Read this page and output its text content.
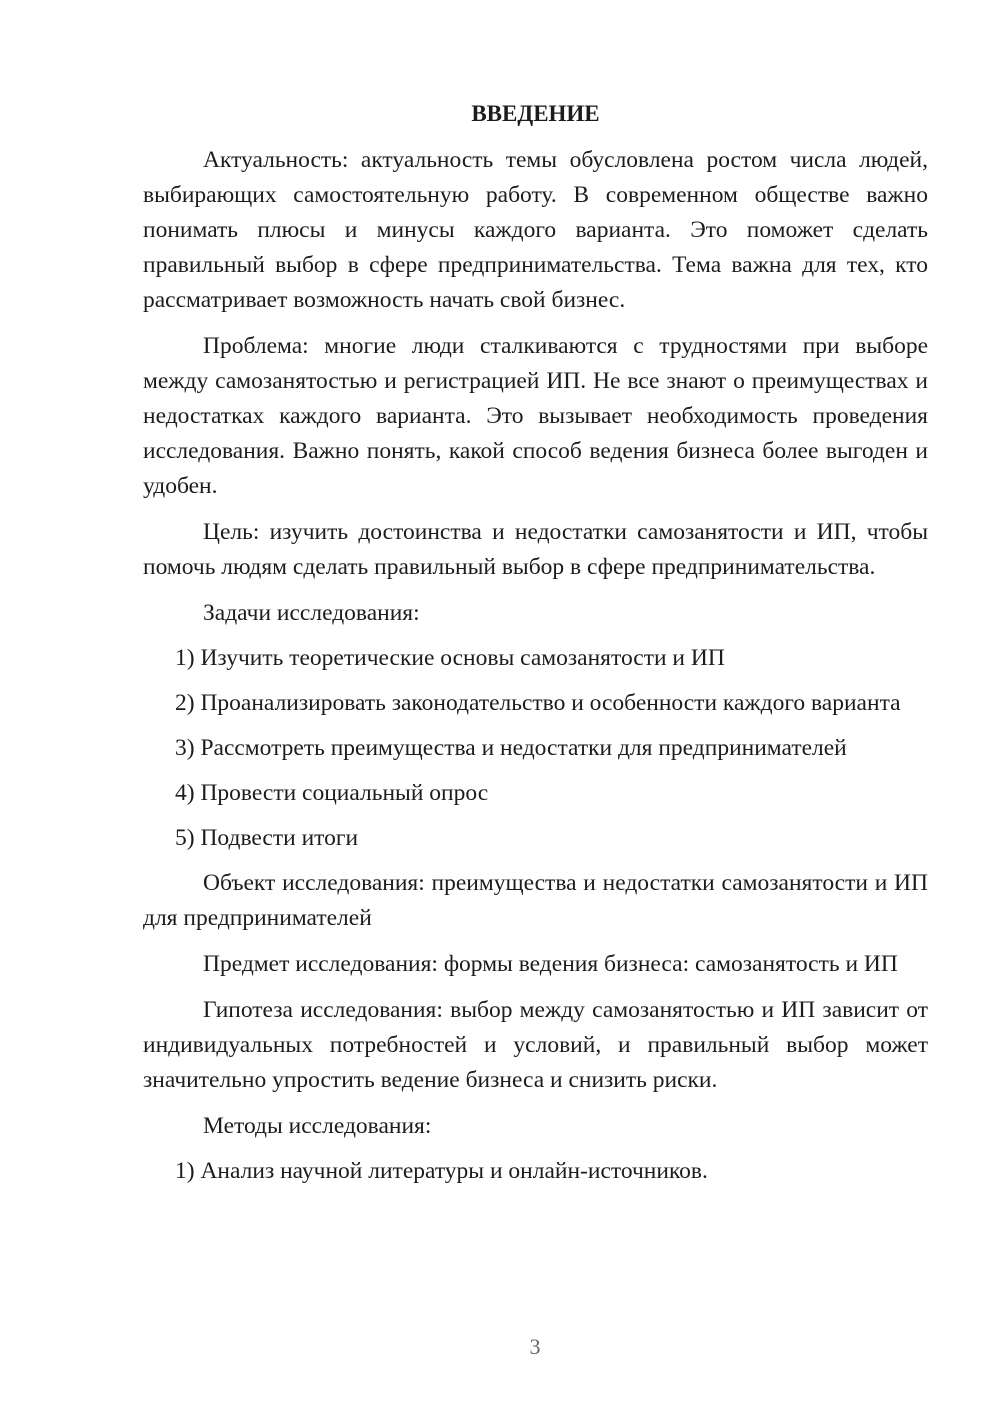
ВВЕДЕНИЕ

Актуальность: актуальность темы обусловлена ростом числа людей, выбирающих самостоятельную работу. В современном обществе важно понимать плюсы и минусы каждого варианта. Это поможет сделать правильный выбор в сфере предпринимательства. Тема важна для тех, кто рассматривает возможность начать свой бизнес.

Проблема: многие люди сталкиваются с трудностями при выборе между самозанятостью и регистрацией ИП. Не все знают о преимуществах и недостатках каждого варианта. Это вызывает необходимость проведения исследования. Важно понять, какой способ ведения бизнеса более выгоден и удобен.

Цель: изучить достоинства и недостатки самозанятости и ИП, чтобы помочь людям сделать правильный выбор в сфере предпринимательства.

Задачи исследования:

1) Изучить теоретические основы самозанятости и ИП

2) Проанализировать законодательство и особенности каждого варианта

3) Рассмотреть преимущества и недостатки для предпринимателей

4) Провести социальный опрос

5) Подвести итоги

Объект исследования: преимущества и недостатки самозанятости и ИП для предпринимателей

Предмет исследования: формы ведения бизнеса: самозанятость и ИП

Гипотеза исследования: выбор между самозанятостью и ИП зависит от индивидуальных потребностей и условий, и правильный выбор может значительно упростить ведение бизнеса и снизить риски.

Методы исследования:

1) Анализ научной литературы и онлайн-источников.

3
